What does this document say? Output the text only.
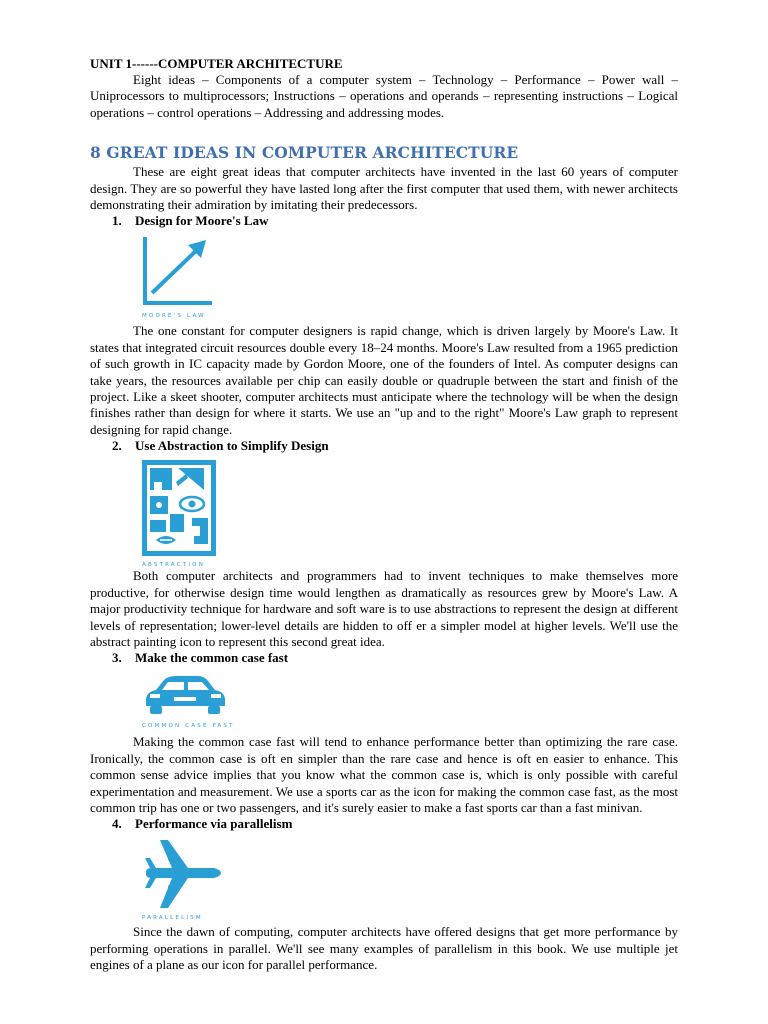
UNIT 1------COMPUTER ARCHITECTURE

Eight ideas – Components of a computer system – Technology – Performance – Power wall – Uniprocessors to multiprocessors; Instructions – operations and operands – representing instructions – Logical operations – control operations – Addressing and addressing modes.

8 GREAT IDEAS IN COMPUTER ARCHITECTURE

These are eight great ideas that computer architects have invented in the last 60 years of computer design. They are so powerful they have lasted long after the first computer that used them, with newer architects demonstrating their admiration by imitating their predecessors.

1.	Design for Moore's Law
MOORE'S LAW

The one constant for computer designers is rapid change, which is driven largely by Moore's Law. It states that integrated circuit resources double every 18–24 months. Moore's Law resulted from a 1965 prediction of such growth in IC capacity made by Gordon Moore, one of the founders of Intel. As computer designs can take years, the resources available per chip can easily double or quadruple between the start and finish of the project. Like a skeet shooter, computer architects must anticipate where the technology will be when the design finishes rather than design for where it starts. We use an "up and to the right" Moore's Law graph to represent designing for rapid change.

2.	Use Abstraction to Simplify Design
ABSTRACTION

Both computer architects and programmers had to invent techniques to make themselves more productive, for otherwise design time would lengthen as dramatically as resources grew by Moore's Law. A major productivity technique for hardware and soft ware is to use abstractions to represent the design at different levels of representation; lower-level details are hidden to off er a simpler model at higher levels. We'll use the abstract painting icon to represent this second great idea.

3.	Make the common case fast
COMMON CASE FAST

Making the common case fast will tend to enhance performance better than optimizing the rare case. Ironically, the common case is oft en simpler than the rare case and hence is oft en easier to enhance. This common sense advice implies that you know what the common case is, which is only possible with careful experimentation and measurement. We use a sports car as the icon for making the common case fast, as the most common trip has one or two passengers, and it's surely easier to make a fast sports car than a fast minivan.

4.	Performance via parallelism
PARALLELISM

Since the dawn of computing, computer architects have offered designs that get more performance by performing operations in parallel. We'll see many examples of parallelism in this book. We use multiple jet engines of a plane as our icon for parallel performance.
